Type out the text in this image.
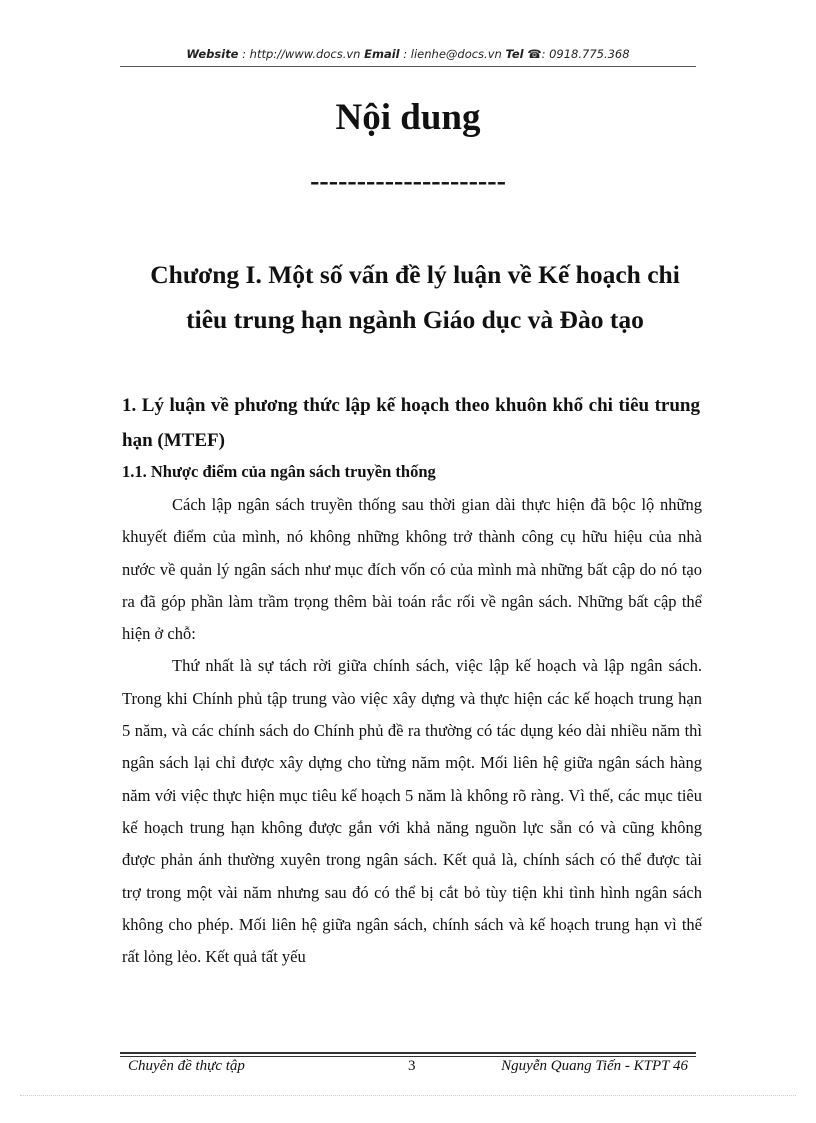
Website : http://www.docs.vn Email : lienhe@docs.vn Tel ☎: 0918.775.368
Nội dung
---------------------
Chương I. Một số vấn đề lý luận về Kế hoạch chi
tiêu trung hạn ngành Giáo dục và Đào tạo
1. Lý luận về phương thức lập kế hoạch theo khuôn khổ chi tiêu trung hạn (MTEF)
1.1. Nhược điểm của ngân sách truyền thống

Cách lập ngân sách truyền thống sau thời gian dài thực hiện đã bộc lộ những khuyết điểm của mình, nó không những không trở thành công cụ hữu hiệu của nhà nước về quản lý ngân sách như mục đích vốn có của mình mà những bất cập do nó tạo ra đã góp phần làm trầm trọng thêm bài toán rắc rối về ngân sách. Những bất cập thể hiện ở chỗ:

Thứ nhất là sự tách rời giữa chính sách, việc lập kế hoạch và lập ngân sách. Trong khi Chính phủ tập trung vào việc xây dựng và thực hiện các kế hoạch trung hạn 5 năm, và các chính sách do Chính phủ đề ra thường có tác dụng kéo dài nhiều năm thì ngân sách lại chỉ được xây dựng cho từng năm một. Mối liên hệ giữa ngân sách hàng năm với việc thực hiện mục tiêu kế hoạch 5 năm là không rõ ràng. Vì thế, các mục tiêu kế hoạch trung hạn không được gắn với khả năng nguồn lực sẵn có và cũng không được phản ánh thường xuyên trong ngân sách. Kết quả là, chính sách có thể được tài trợ trong một vài năm nhưng sau đó có thể bị cắt bỏ tùy tiện khi tình hình ngân sách không cho phép. Mối liên hệ giữa ngân sách, chính sách và kế hoạch trung hạn vì thế rất lỏng lẻo. Kết quả tất yếu

Chuyên đề thực tập	3	Nguyễn Quang Tiến - KTPT 46
